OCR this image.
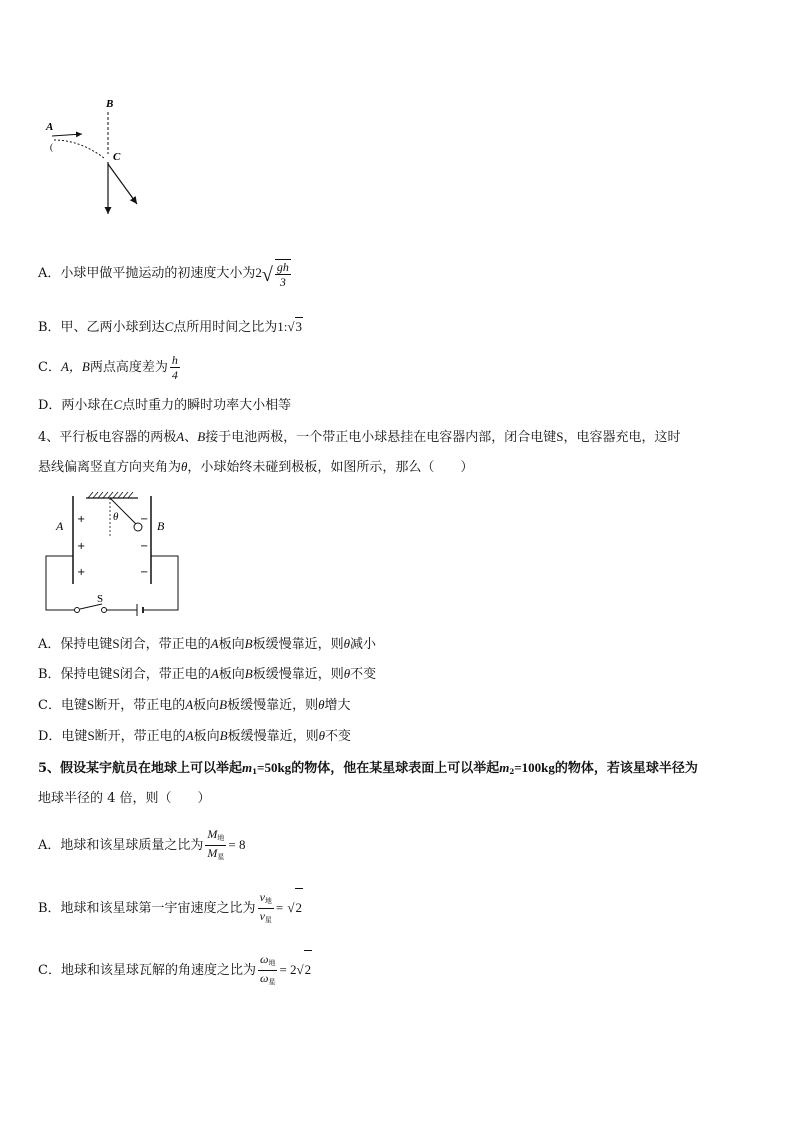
(
B
A
C
A．小球甲做平抛运动的初速度大小为$2√ \frac{gh}{3}$
B．甲、乙两小球到达C点所用时间之比为1:√3
C．A，B两点高度差为 $\frac{h}{4}$
D．两小球在C点时重力的瞬时功率大小相等
4、平行板电容器的两极A、B接于电池两极，一个带正电小球悬挂在电容器内部，闭合电键S，电容器充电，这时
悬线偏离竖直方向夹角为θ，小球始终未碰到极板，如图所示，那么（　　）
θ
A	B
+
+
+
−
−
−
S
A．保持电键S闭合，带正电的A板向B板缓慢靠近，则θ减小
B．保持电键S闭合，带正电的A板向B板缓慢靠近，则θ不变
C．电键S断开，带正电的A板向B板缓慢靠近，则θ增大
D．电键S断开，带正电的A板向B板缓慢靠近，则θ不变
5、假设某宇航员在地球上可以举起$m_1=50kg$的物体，他在某星球表面上可以举起$m_2=100kg$的物体，若该星球半径为
地球半径的 4 倍，则（　　）
A．地球和该星球质量之比为 $\frac{M_地}{M_星} = 8$
B．地球和该星球第一宇宙速度之比为 $\frac{v_地}{v_星} = √2$
C．地球和该星球瓦解的角速度之比为 $\frac{\omega_地}{\omega_星} = 2√2$
